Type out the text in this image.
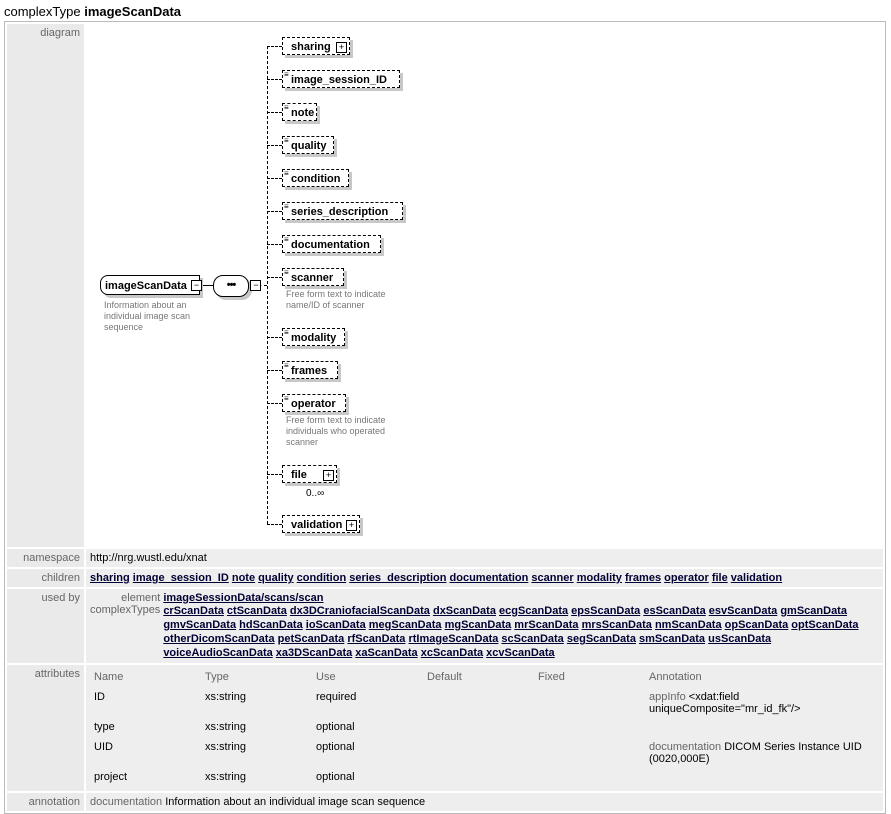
complexType imageScanData
diagram	
imageScanData −
Information about an individual image scan sequence
•••	−
sharing +
≡ image_session_ID
≡ note
≡ quality
≡ condition
≡ series_description
≡ documentation
≡ scanner
Free form text to indicate name/ID of scanner
≡ modality
≡ frames
≡ operator
Free form text to indicate individuals who operated scanner
file	+
0..∞
validation +

namespace	http://nrg.wustl.edu/xnat
children	sharing image_session_ID note quality condition series_description documentation scanner modality frames operator file validation
used by		element	imageSessionData/scans/scan
complexTypes	crScanData ctScanData dx3DCraniofacialScanData dxScanData ecgScanData epsScanData esScanData esvScanData gmScanData gmvScanData hdScanData ioScanData megScanData mgScanData mrScanData mrsScanData nmScanData opScanData optScanData otherDicomScanData petScanData rfScanData rtImageScanData scScanData segScanData smScanData usScanData voiceAudioScanData xa3DScanData xaScanData xcScanData xcvScanData

attributes	Name	Type	Use	Default	Fixed	Annotation
ID	xs:string	required			appInfo <xdat:field uniqueComposite="mr_id_fk"/>
type	xs:string	optional			
UID	xs:string	optional			documentation DICOM Series Instance UID (0020,000E)
project	xs:string	optional			

annotation	documentation Information about an individual image scan sequence
